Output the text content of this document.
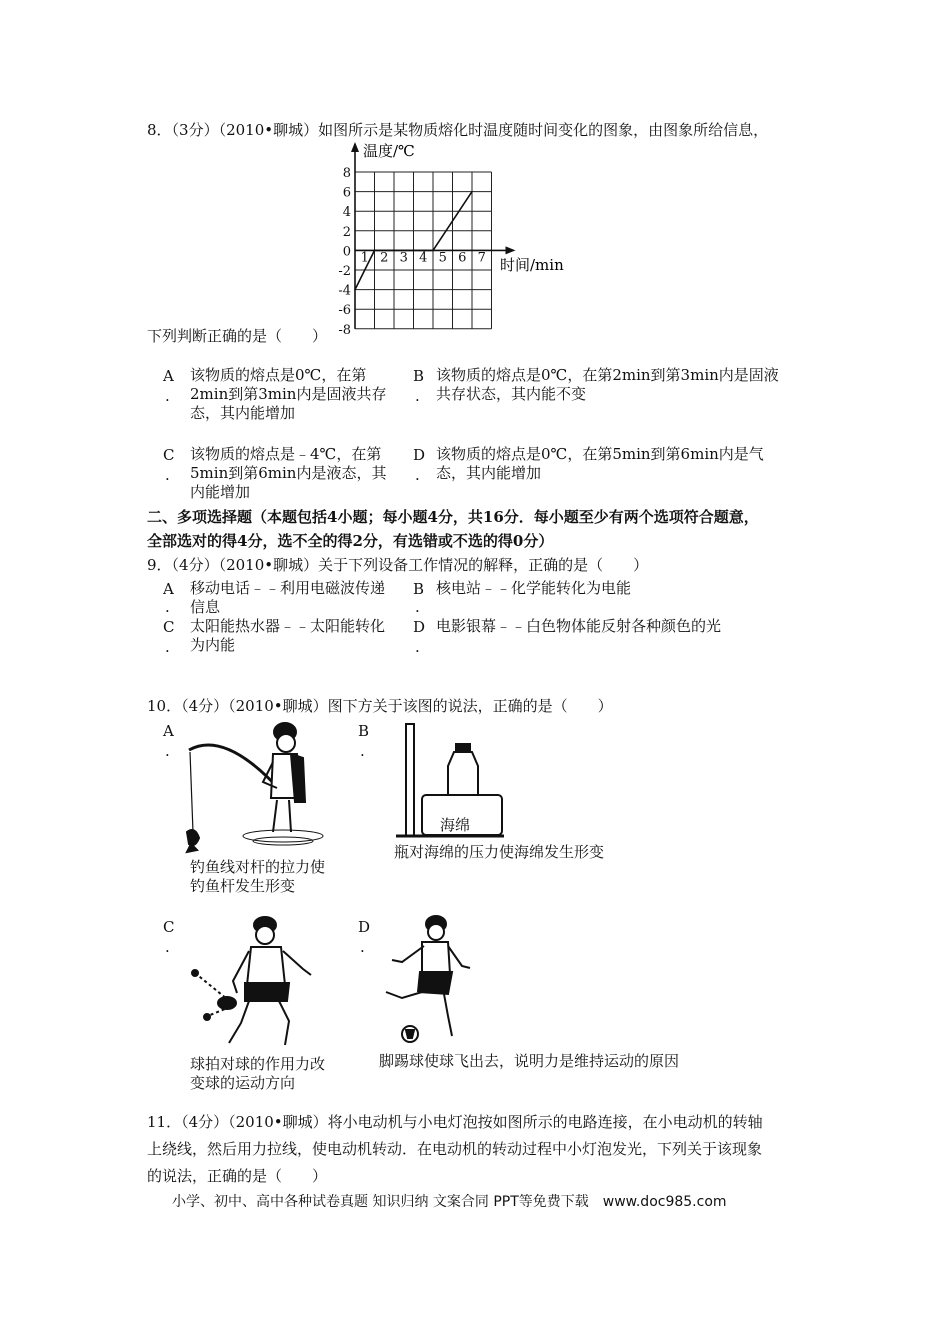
8．（3分）（2010•聊城）如图所示是某物质熔化时温度随时间变化的图象，由图象所给信息，
8
6
4
2
0
-2
-4
-6
-8
1 2 3 4 5 6 7
温度/℃
时间/min
下列判断正确的是（　　）
A
.
该物质的熔点是0℃，在第
2min到第3min内是固液共存
态，其内能增加
B
.
该物质的熔点是0℃，在第2min到第3min内是固液
共存状态，其内能不变
C
.
该物质的熔点是﹣4℃，在第
5min到第6min内是液态，其
内能增加
D
.
该物质的熔点是0℃，在第5min到第6min内是气
态，其内能增加
二、多项选择题（本题包括4小题；每小题4分，共16分．每小题至少有两个选项符合题意，
全部选对的得4分，选不全的得2分，有选错或不选的得0分）
9．（4分）（2010•聊城）关于下列设备工作情况的解释，正确的是（　　）
A
.
移动电话﹣﹣利用电磁波传递
信息
B
.
核电站﹣﹣化学能转化为电能
C
.
太阳能热水器﹣﹣太阳能转化
为内能
D
.
电影银幕﹣﹣白色物体能反射各种颜色的光
10．（4分）（2010•聊城）图下方关于该图的说法，正确的是（　　）
A
.
钓鱼线对杆的拉力使
钓鱼杆发生形变
B
.
海绵
瓶对海绵的压力使海绵发生形变
C
.
球拍对球的作用力改
变球的运动方向
D
.
脚踢球使球飞出去，说明力是维持运动的原因
11．（4分）（2010•聊城）将小电动机与小电灯泡按如图所示的电路连接，在小电动机的转轴
上绕线，然后用力拉线，使电动机转动．在电动机的转动过程中小灯泡发光，下列关于该现象
的说法，正确的是（　　）
小学、初中、高中各种试卷真题 知识归纳 文案合同 PPT等免费下载　www.doc985.com
